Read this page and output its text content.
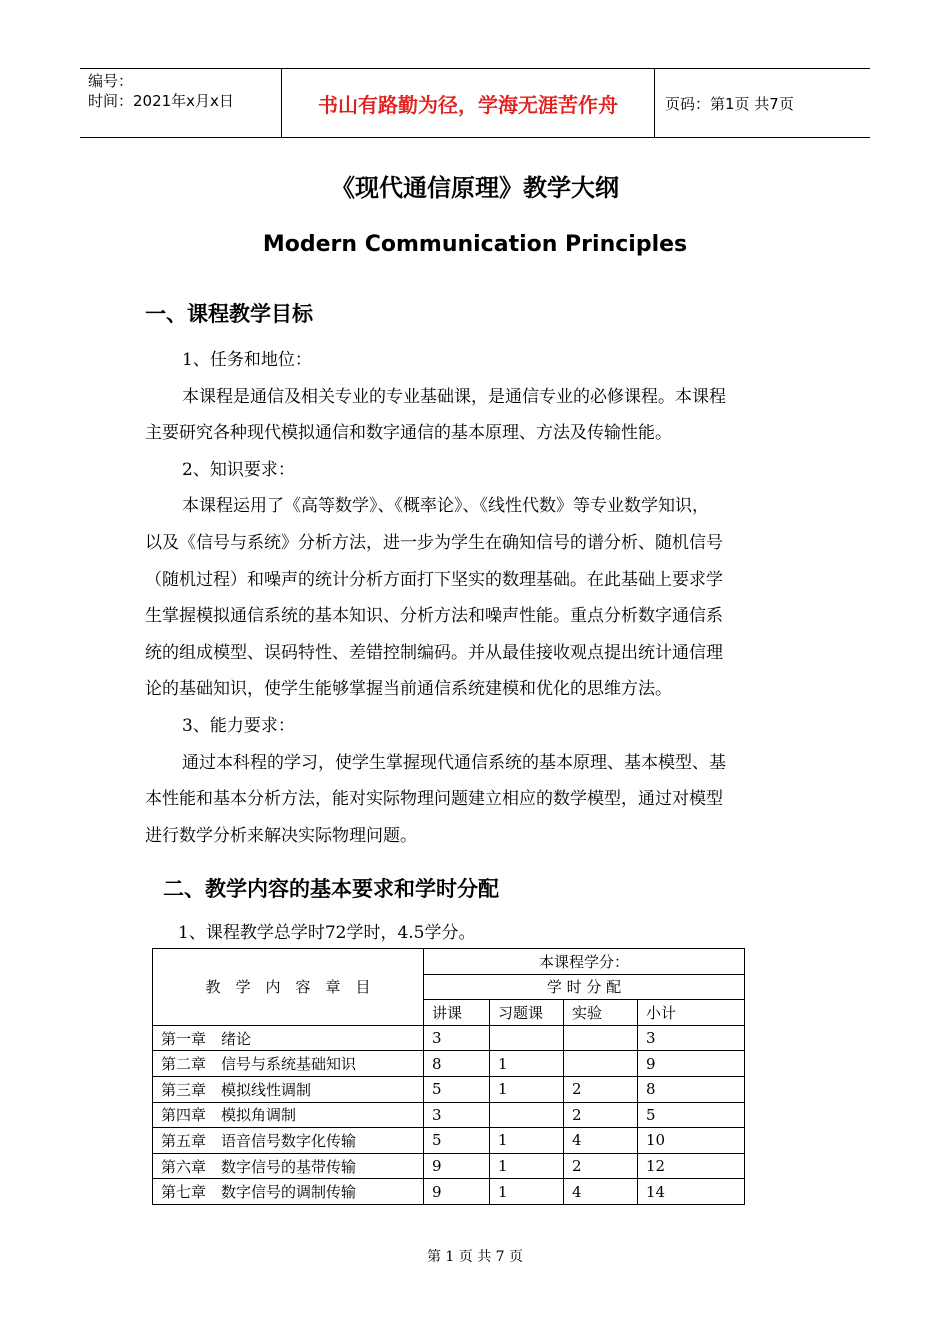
编号：
时间：2021年x月x日	书山有路勤为径，学海无涯苦作舟	页码：第1页 共7页
《现代通信原理》教学大纲
Modern Communication Principles
一、课程教学目标
1、任务和地位：
本课程是通信及相关专业的专业基础课，是通信专业的必修课程。本课程
主要研究各种现代模拟通信和数字通信的基本原理、方法及传输性能。
2、知识要求：
本课程运用了《高等数学》、《概率论》、《线性代数》等专业数学知识，
以及《信号与系统》分析方法，进一步为学生在确知信号的谱分析、随机信号
（随机过程）和噪声的统计分析方面打下坚实的数理基础。在此基础上要求学
生掌握模拟通信系统的基本知识、分析方法和噪声性能。重点分析数字通信系
统的组成模型、误码特性、差错控制编码。并从最佳接收观点提出统计通信理
论的基础知识，使学生能够掌握当前通信系统建模和优化的思维方法。
3、能力要求：
通过本科程的学习，使学生掌握现代通信系统的基本原理、基本模型、基
本性能和基本分析方法，能对实际物理问题建立相应的数学模型，通过对模型
进行数学分析来解决实际物理问题。
二、教学内容的基本要求和学时分配
1、课程教学总学时72学时，4.5学分。
教　学　内　容　章　目	本课程学分：			
	学 时 分 配			
	讲课	习题课	实验	小计
第一章　绪论	3			3
第二章　信号与系统基础知识	8	1		9
第三章　模拟线性调制	5	1	2	8
第四章　模拟角调制	3		2	5
第五章　语音信号数字化传输	5	1	4	10
第六章　数字信号的基带传输	9	1	2	12
第七章　数字信号的调制传输	9	1	4	14
第 1 页 共 7 页
